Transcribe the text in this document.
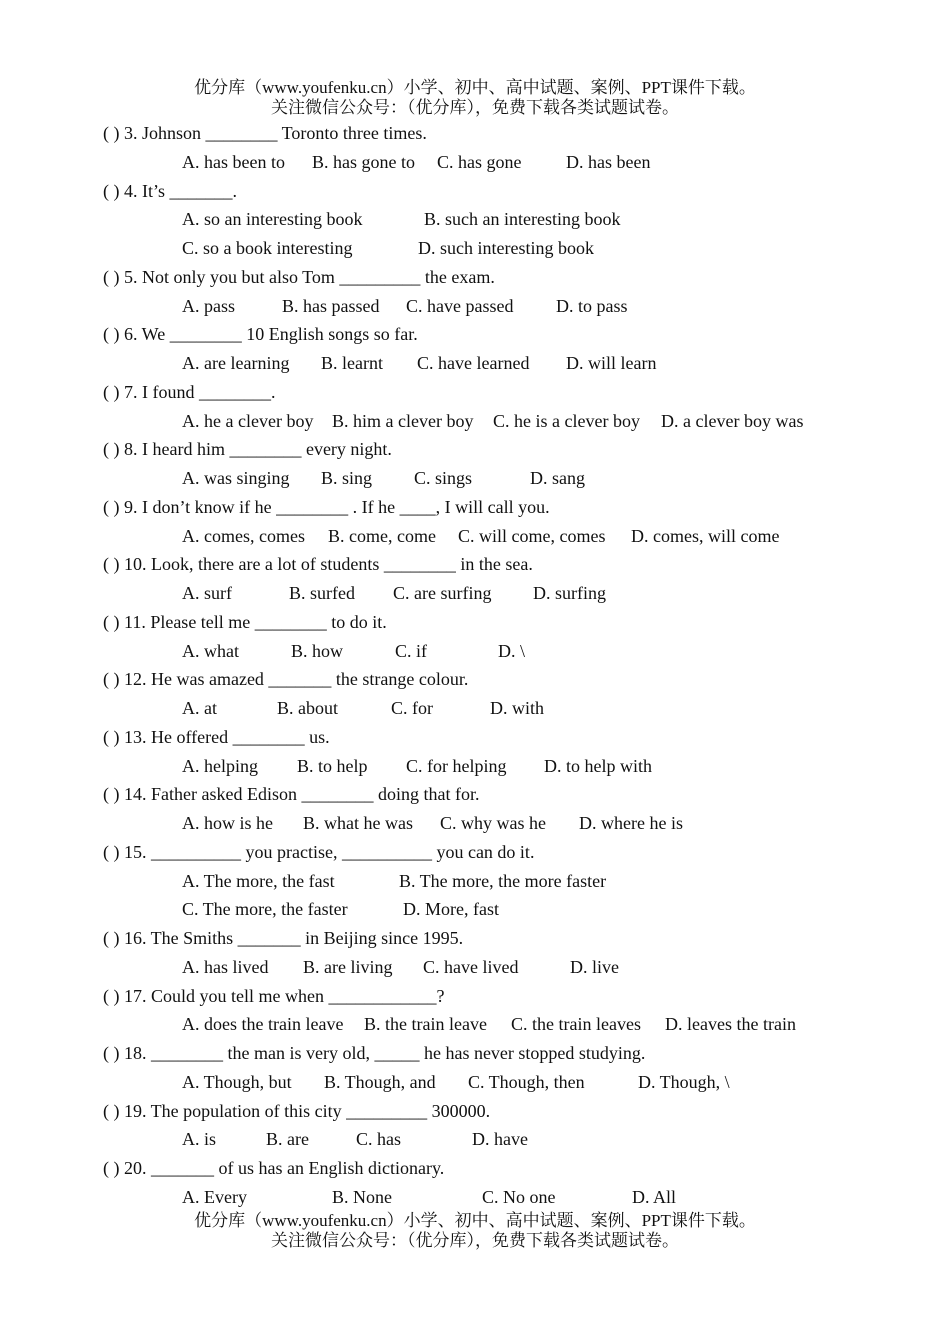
优分库（www.youfenku.cn）小学、初中、高中试题、案例、PPT课件下载。
关注微信公众号：（优分库），免费下载各类试题试卷。
( ) 3. Johnson ________ Toronto three times.
A. has been to B. has gone to C. has gone D. has been
( ) 4. It’s _______.
A. so an interesting book	B. such an interesting book
C. so a book interesting	D. such interesting book
( ) 5. Not only you but also Tom _________ the exam.
A. pass	B. has passed C. have passed D. to pass
( ) 6. We ________ 10 English songs so far.
A. are learning B. learnt C. have learned D. will learn
( ) 7. I found ________.
A. he a clever boy B. him a clever boy C. he is a clever boy D. a clever boy was
( ) 8. I heard him ________ every night.
A. was singing B. sing C. sings	D. sang
( ) 9. I don’t know if he ________ . If he ____, I will call you.
A. comes, comes B. come, come C. will come, comes D. comes, will come
( ) 10. Look, there are a lot of students ________ in the sea.
A. surf	B. surfed C. are surfing D. surfing
( ) 11. Please tell me ________ to do it.
A. what	B. how	C. if	D. \
( ) 12. He was amazed _______ the strange colour.
A. at	B. about	C. for	D. with
( ) 13. He offered ________ us.
A. helping B. to help C. for helping D. to help with
( ) 14. Father asked Edison ________ doing that for.
A. how is he B. what he was C. why was he D. where he is
( ) 15. __________ you practise, __________ you can do it.
A. The more, the fast	B. The more, the more faster
C. The more, the faster	D. More, fast
( ) 16. The Smiths _______ in Beijing since 1995.
A. has lived B. are living C. have lived	D. live
( ) 17. Could you tell me when ____________?
A. does the train leave B. the train leave C. the train leaves D. leaves the train
( ) 18. ________ the man is very old, _____ he has never stopped studying.
A. Though, but B. Though, and C. Though, then	D. Though, \
( ) 19. The population of this city _________ 300000.
A. is	B. are	C. has	D. have
( ) 20. _______ of us has an English dictionary.
A. Every	B. None	C. No one	D. All
优分库（www.youfenku.cn）小学、初中、高中试题、案例、PPT课件下载。
关注微信公众号：（优分库），免费下载各类试题试卷。
